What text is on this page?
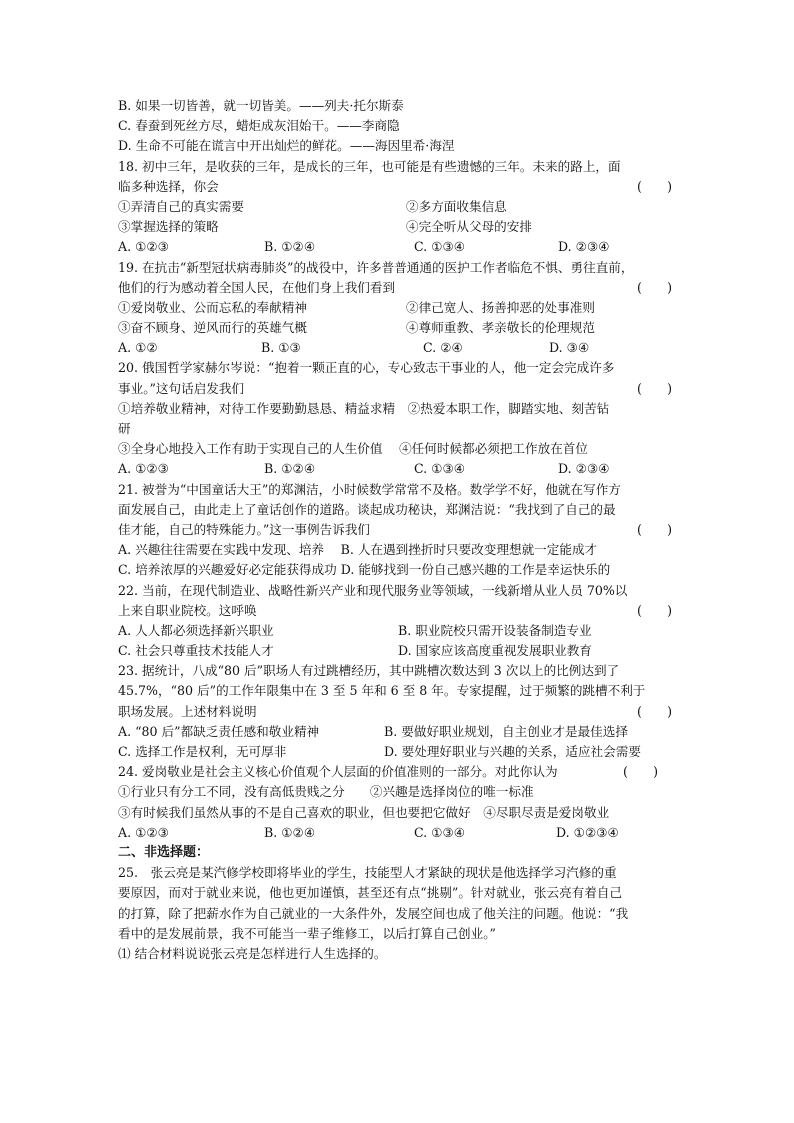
B. 如果一切皆善，就一切皆美。——列夫·托尔斯泰
C. 春蚕到死丝方尽，蜡炬成灰泪始干。——李商隐
D. 生命不可能在谎言中开出灿烂的鲜花。——海因里希·海涅
18. 初中三年，是收获的三年，是成长的三年，也可能是有些遗憾的三年。未来的路上，面
临多种选择，你会	(　　)
①弄清自己的真实需要	②多方面收集信息
③掌握选择的策略	④完全听从父母的安排
A. ①②③	B. ①②④	C. ①③④	D. ②③④
19. 在抗击“新型冠状病毒肺炎”的战役中，许多普普通通的医护工作者临危不惧、勇往直前，
他们的行为感动着全国人民，在他们身上我们看到	(　　)
①爱岗敬业、公而忘私的奉献精神	②律己宽人、扬善抑恶的处事准则
③奋不顾身、逆风而行的英雄气概	④尊师重教、孝亲敬长的伦理规范
A. ①②	B. ①③	C. ②④	D. ③④
20. 俄国哲学家赫尔岑说：“抱着一颗正直的心，专心致志干事业的人，他一定会完成许多
事业。”这句话启发我们	(　　)
①培养敬业精神，对待工作要勤勤恳恳、精益求精　②热爱本职工作，脚踏实地、刻苦钻
研
③全身心地投入工作有助于实现自己的人生价值　 ④任何时候都必须把工作放在首位
A. ①②③	B. ①②④	C. ①③④	D. ②③④
21. 被誉为“中国童话大王”的郑渊洁，小时候数学常常不及格。数学学不好，他就在写作方
面发展自己，由此走上了童话创作的道路。谈起成功秘诀，郑渊洁说：“我找到了自己的最
佳才能，自己的特殊能力。”这一事例告诉我们	(　　)
A. 兴趣往往需要在实践中发现、培养　 B. 人在遇到挫折时只要改变理想就一定能成才
C. 培养浓厚的兴趣爱好必定能获得成功 D. 能够找到一份自己感兴趣的工作是幸运快乐的
22. 当前，在现代制造业、战略性新兴产业和现代服务业等领域，一线新增从业人员 70%以
上来自职业院校。这呼唤	(　　)
A. 人人都必须选择新兴职业	B. 职业院校只需开设装备制造专业
C. 社会只尊重技术技能人才	D. 国家应该高度重视发展职业教育
23. 据统计，八成“80 后”职场人有过跳槽经历，其中跳槽次数达到 3 次以上的比例达到了
45.7%，“80 后”的工作年限集中在 3 至 5 年和 6 至 8 年。专家提醒，过于频繁的跳槽不利于
职场发展。上述材料说明	(　　)
A. “80 后”都缺乏责任感和敬业精神	B. 要做好职业规划，自主创业才是最佳选择
C. 选择工作是权利，无可厚非	D. 要处理好职业与兴趣的关系，适应社会需要
24. 爱岗敬业是社会主义核心价值观个人层面的价值准则的一部分。对此你认为	(　　)
①行业只有分工不同，没有高低贵贱之分　　②兴趣是选择岗位的唯一标准
③有时候我们虽然从事的不是自己喜欢的职业，但也要把它做好　④尽职尽责是爱岗敬业
A. ①②③	B. ①②④	C. ①③④	D. ①②③④
二、非选择题：
25.　张云亮是某汽修学校即将毕业的学生，技能型人才紧缺的现状是他选择学习汽修的重
要原因，而对于就业来说，他也更加谨慎，甚至还有点“挑剔”。针对就业，张云亮有着自己
的打算，除了把薪水作为自己就业的一大条件外，发展空间也成了他关注的问题。他说：“我
看中的是发展前景，我不可能当一辈子维修工，以后打算自己创业。”
⑴ 结合材料说说张云亮是怎样进行人生选择的。
